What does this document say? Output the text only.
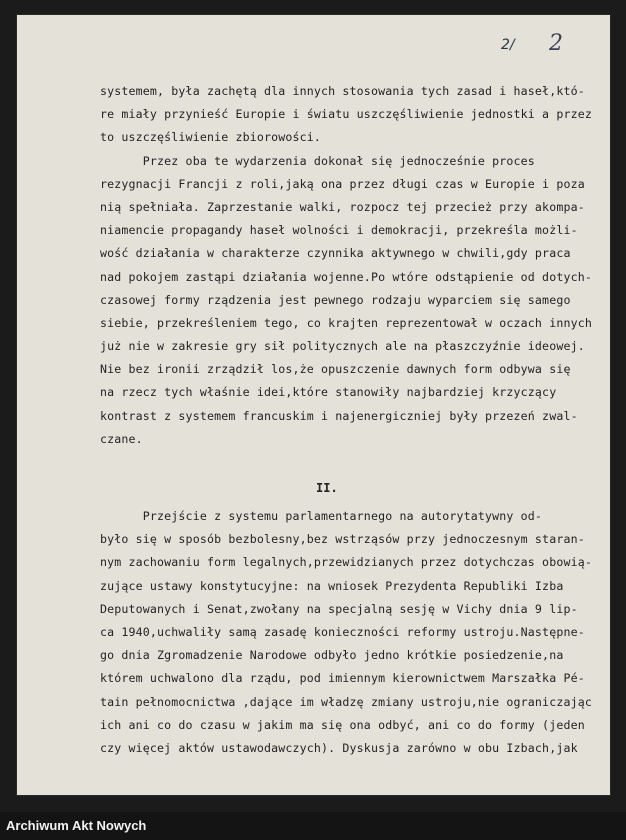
2/ 2
systemem, była zachętą dla innych stosowania tych zasad i haseł,któ-
re miały przynieść Europie i światu uszczęśliwienie jednostki a przez
to uszczęśliwienie zbiorowości.
Przez oba te wydarzenia dokonał się jednocześnie proces
rezygnacji Francji z roli,jaką ona przez długi czas w Europie i poza
nią spełniała. Zaprzestanie walki, rozpocz tej przecież przy akompa-
niamencie propagandy haseł wolności i demokracji, przekreśla możli-
wość działania w charakterze czynnika aktywnego w chwili,gdy praca
nad pokojem zastąpi działania wojenne.Po wtóre odstąpienie od dotych-
czasowej formy rządzenia jest pewnego rodzaju wyparciem się samego
siebie, przekreśleniem tego, co krajten reprezentował w oczach innych
już nie w zakresie gry sił politycznych ale na płaszczyźnie ideowej.
Nie bez ironii zrządził los,że opuszczenie dawnych form odbywa się
na rzecz tych właśnie idei,które stanowiły najbardziej krzyczący
kontrast z systemem francuskim i najenergiczniej były przezeń zwal-
czane.
II.
Przejście z systemu parlamentarnego na autorytatywny od-
było się w sposób bezbolesny,bez wstrząsów przy jednoczesnym staran-
nym zachowaniu form legalnych,przewidzianych przez dotychczas obowią-
zujące ustawy konstytucyjne: na wniosek Prezydenta Republiki Izba
Deputowanych i Senat,zwołany na specjalną sesję w Vichy dnia 9 lip-
ca 1940,uchwaliły samą zasadę konieczności reformy ustroju.Następne-
go dnia Zgromadzenie Narodowe odbyło jedno krótkie posiedzenie,na
którem uchwalono dla rządu, pod imiennym kierownictwem Marszałka Pé-
tain pełnomocnictwa ,dające im władzę zmiany ustroju,nie ograniczając
ich ani co do czasu w jakim ma się ona odbyć, ani co do formy (jeden
czy więcej aktów ustawodawczych). Dyskusja zarówno w obu Izbach,jak
Archiwum Akt Nowych
